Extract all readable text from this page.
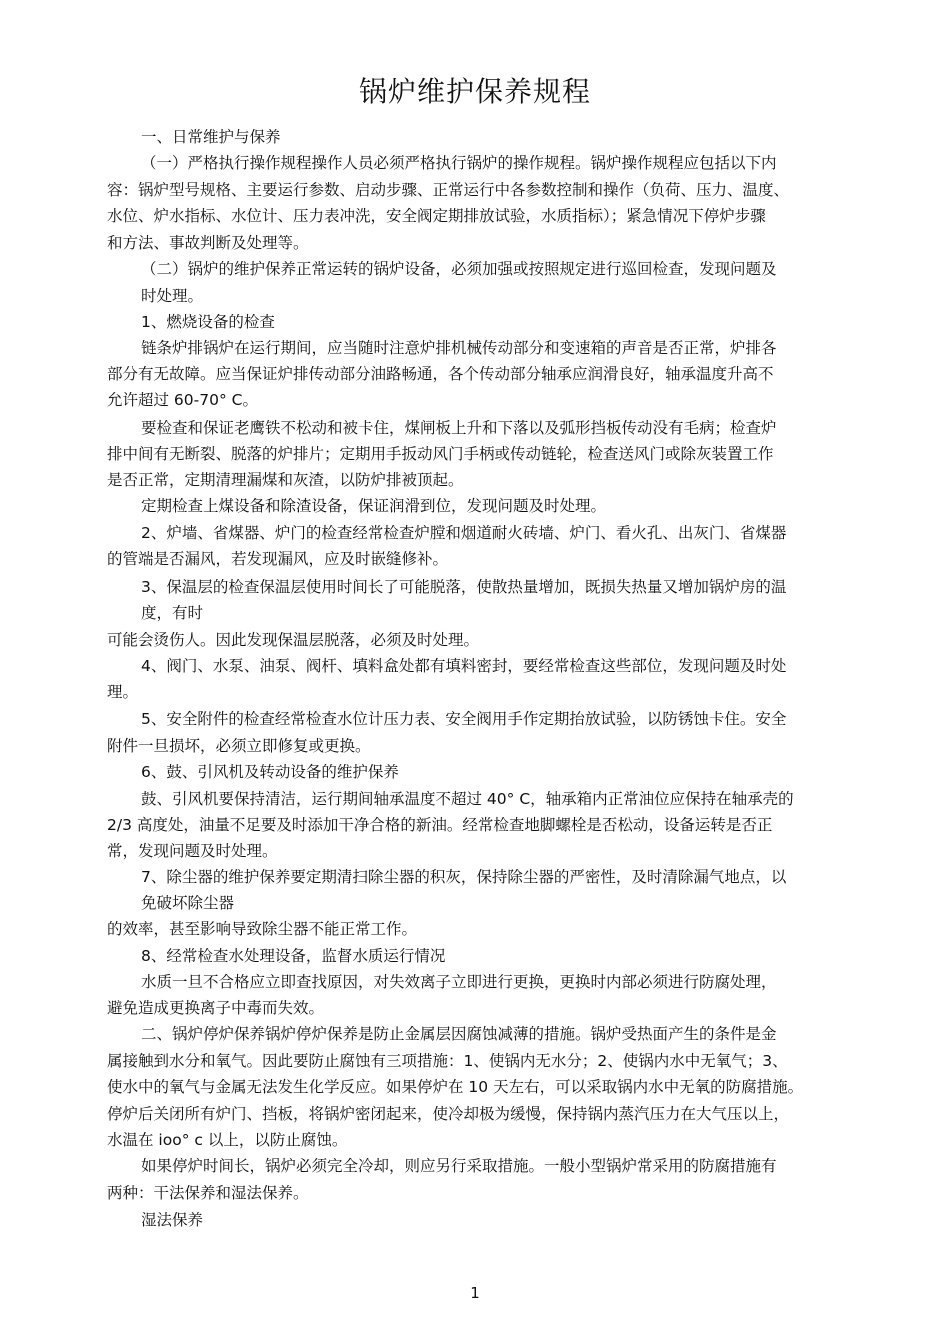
锅炉维护保养规程
一、日常维护与保养
（一）严格执行操作规程操作人员必须严格执行锅炉的操作规程。锅炉操作规程应包括以下内
容：锅炉型号规格、主要运行参数、启动步骤、正常运行中各参数控制和操作（负荷、压力、温度、
水位、炉水指标、水位计、压力表冲洗，安全阀定期排放试验，水质指标）；紧急情况下停炉步骤
和方法、事故判断及处理等。
（二）锅炉的维护保养正常运转的锅炉设备，必须加强或按照规定进行巡回检查，发现问题及
时处理。
1、燃烧设备的检查
链条炉排锅炉在运行期间，应当随时注意炉排机械传动部分和变速箱的声音是否正常，炉排各
部分有无故障。应当保证炉排传动部分油路畅通，各个传动部分轴承应润滑良好，轴承温度升高不
允许超过 60-70° C。
要检查和保证老鹰铁不松动和被卡住，煤闸板上升和下落以及弧形挡板传动没有毛病；检查炉
排中间有无断裂、脱落的炉排片；定期用手扳动风门手柄或传动链轮，检查送风门或除灰装置工作
是否正常，定期清理漏煤和灰渣，以防炉排被顶起。
定期检查上煤设备和除渣设备，保证润滑到位，发现问题及时处理。
2、炉墙、省煤器、炉门的检查经常检查炉膛和烟道耐火砖墙、炉门、看火孔、出灰门、省煤器
的管端是否漏风，若发现漏风，应及时嵌缝修补。
3、保温层的检查保温层使用时间长了可能脱落，使散热量增加，既损失热量又增加锅炉房的温
度，有时
可能会烫伤人。因此发现保温层脱落，必须及时处理。
4、阀门、水泵、油泵、阀杆、填料盒处都有填料密封，要经常检查这些部位，发现问题及时处
理。
5、安全附件的检查经常检查水位计压力表、安全阀用手作定期抬放试验，以防锈蚀卡住。安全
附件一旦损坏，必须立即修复或更换。
6、鼓、引风机及转动设备的维护保养
鼓、引风机要保持清洁，运行期间轴承温度不超过 40° C，轴承箱内正常油位应保持在轴承壳的
2/3 高度处，油量不足要及时添加干净合格的新油。经常检查地脚螺栓是否松动，设备运转是否正
常，发现问题及时处理。
7、除尘器的维护保养要定期清扫除尘器的积灰，保持除尘器的严密性，及时清除漏气地点，以
免破坏除尘器
的效率，甚至影响导致除尘器不能正常工作。
8、经常检查水处理设备，监督水质运行情况
水质一旦不合格应立即查找原因，对失效离子立即进行更换，更换时内部必须进行防腐处理，
避免造成更换离子中毒而失效。
二、锅炉停炉保养锅炉停炉保养是防止金属层因腐蚀减薄的措施。锅炉受热面产生的条件是金
属接触到水分和氧气。因此要防止腐蚀有三项措施：1、使锅内无水分；2、使锅内水中无氧气；3、
使水中的氧气与金属无法发生化学反应。如果停炉在 10 天左右，可以采取锅内水中无氧的防腐措施。
停炉后关闭所有炉门、挡板，将锅炉密闭起来，使冷却极为缓慢，保持锅内蒸汽压力在大气压以上，
水温在 ioo° c 以上，以防止腐蚀。
如果停炉时间长，锅炉必须完全冷却，则应另行采取措施。一般小型锅炉常采用的防腐措施有
两种：干法保养和湿法保养。
湿法保养
1
